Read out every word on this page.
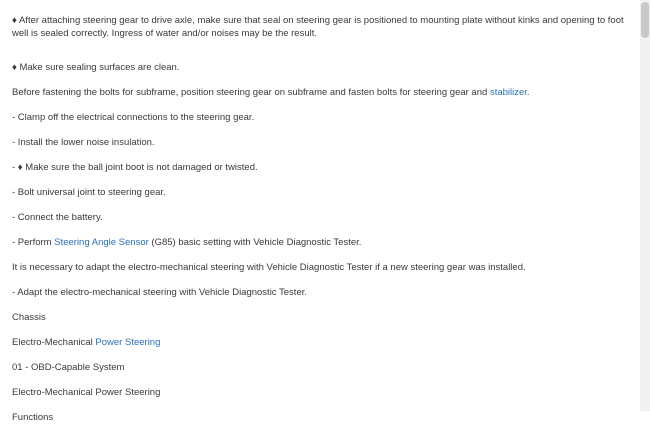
♦ After attaching steering gear to drive axle, make sure that seal on steering gear is positioned to mounting plate without kinks and opening to foot well is sealed correctly. Ingress of water and/or noises may be the result.

♦ Make sure sealing surfaces are clean.

Before fastening the bolts for subframe, position steering gear on subframe and fasten bolts for steering gear and stabilizer.

- Clamp off the electrical connections to the steering gear.

- Install the lower noise insulation.

- ♦ Make sure the ball joint boot is not damaged or twisted.

- Bolt universal joint to steering gear.

- Connect the battery.

- Perform Steering Angle Sensor (G85) basic setting with Vehicle Diagnostic Tester.

It is necessary to adapt the electro-mechanical steering with Vehicle Diagnostic Tester if a new steering gear was installed.

- Adapt the electro-mechanical steering with Vehicle Diagnostic Tester.

Chassis

Electro-Mechanical Power Steering

01 - OBD-Capable System

Electro-Mechanical Power Steering

Functions
